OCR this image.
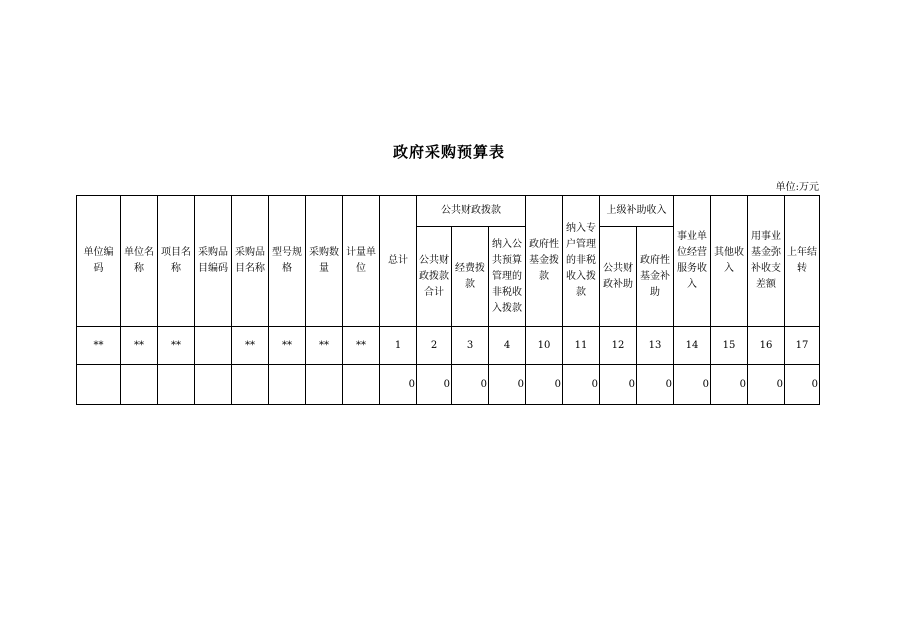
政府采购预算表
单位:万元
单位编码	单位名称	项目名称	采购品目编码	采购品目名称	型号规格	采购数量	计量单位	总计	公共财政拨款			政府性基金拨款	纳入专户管理的非税收入拨款	上级补助收入		事业单位经营服务收入	其他收入	用事业基金弥补收支差额	上年结转
									公共财政拨款合计	经费拨款	纳入公共预算管理的非税收入拨款			公共财政补助	政府性基金补助				
**	**	**		**	**	**	**	1	2	3	4	10	11	12	13	14	15	16	17
								0	0	0	0	0	0	0	0	0	0	0	0
